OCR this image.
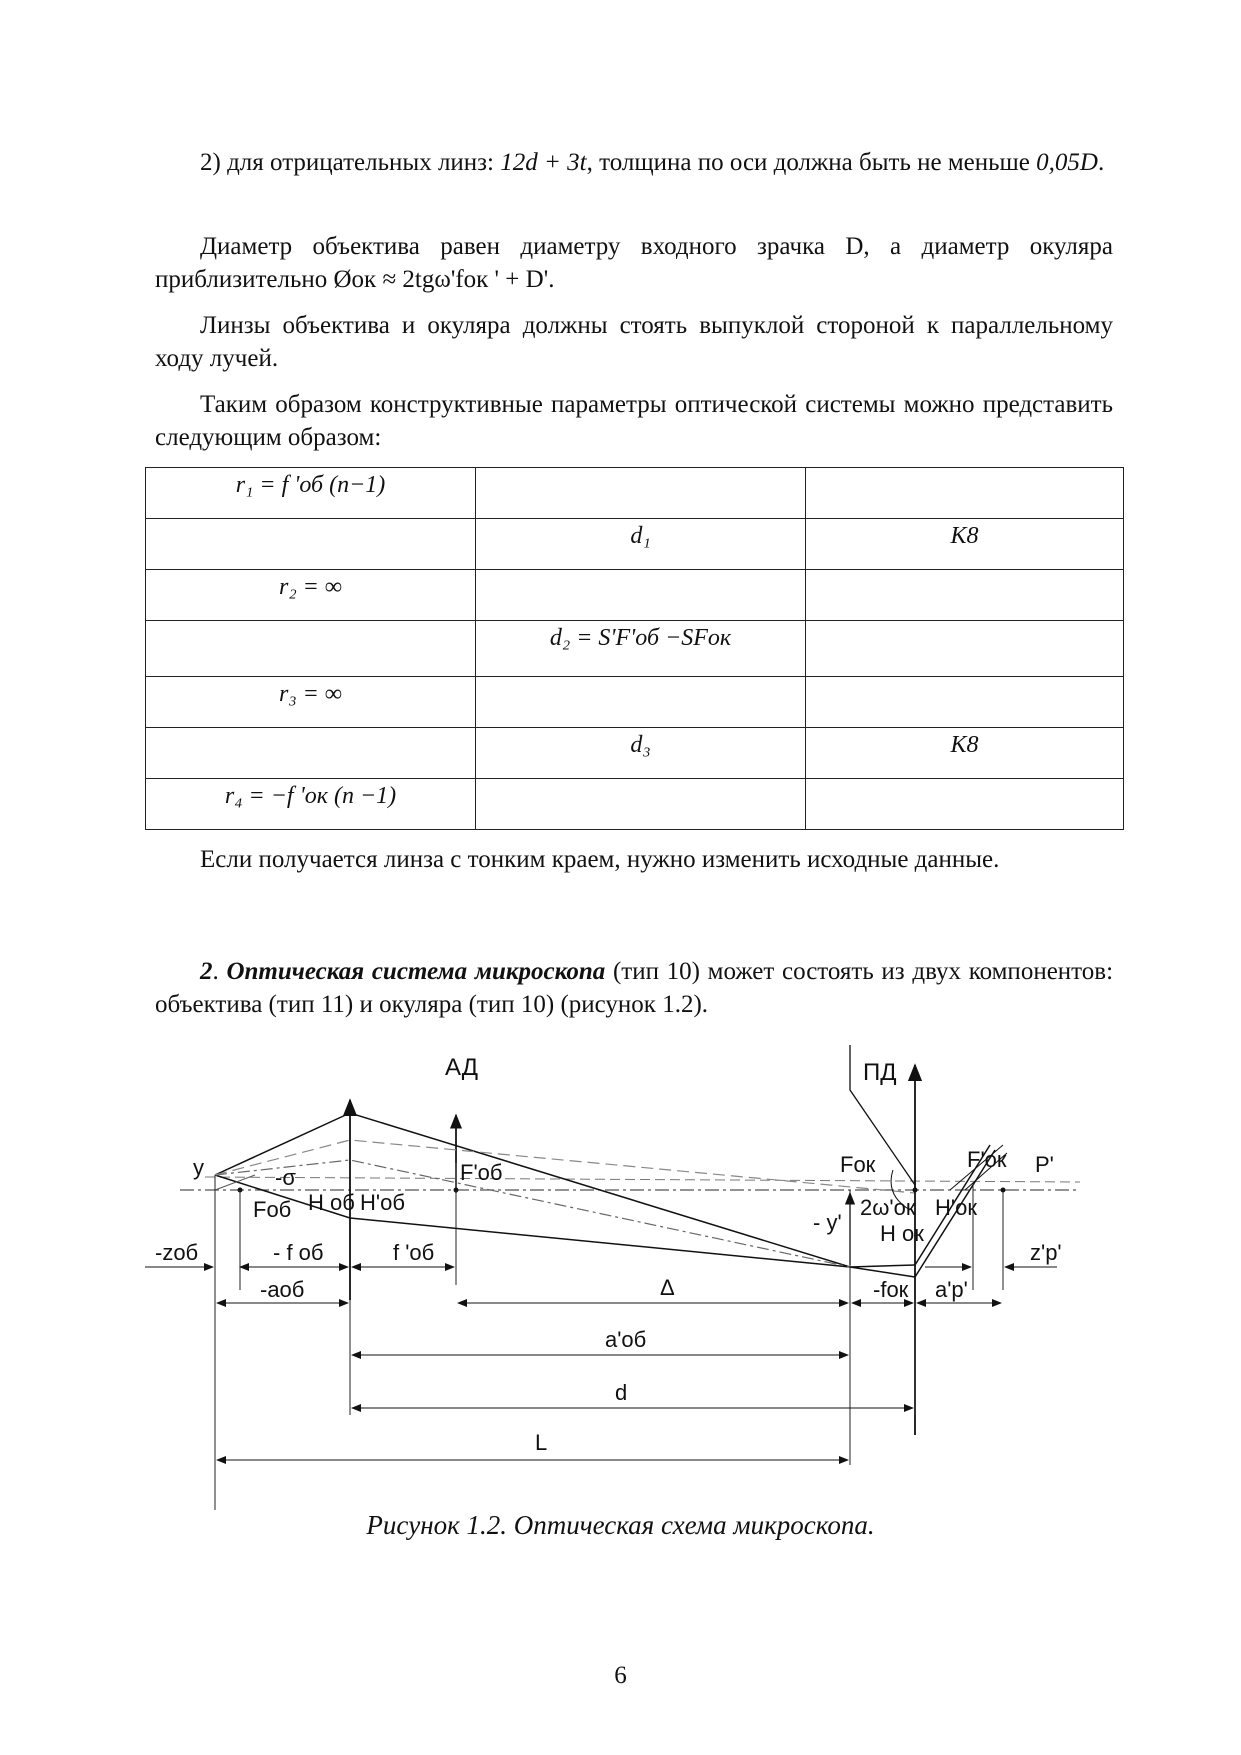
2) для отрицательных линз: 12d + 3t, толщина по оси должна быть не меньше 0,05D.

Диаметр объектива равен диаметру входного зрачка D, а диаметр окуляра приблизительно Øок ≈ 2tgω'fок ' + D'.

Линзы объектива и окуляра должны стоять выпуклой стороной к параллельному ходу лучей.

Таким образом конструктивные параметры оптической системы можно представить следующим образом:

r₁ = f 'об (n−1)		
	d₁	K8
r₂ = ∞		
	d₂ = S'F'об −SFок	
r₃ = ∞		
	d₃	K8
r₄ = −f 'ок (n −1)		

Если получается линза с тонким краем, нужно изменить исходные данные.

2. Оптическая система микроскопа (тип 10) может состоять из двух компонентов: объектива (тип 11) и окуляра (тип 10) (рисунок 1.2).

АД	ПД
y	-σ
Fоб H об H'об
F'об	Fок	F'ок P'
- y'
2ω'ок H'ок
H ок
-zоб	- f об	f 'об
-fок a'р'
z'р'
-aоб	Δ
a'об
d
L
Рисунок 1.2. Оптическая схема микроскопа.
6
